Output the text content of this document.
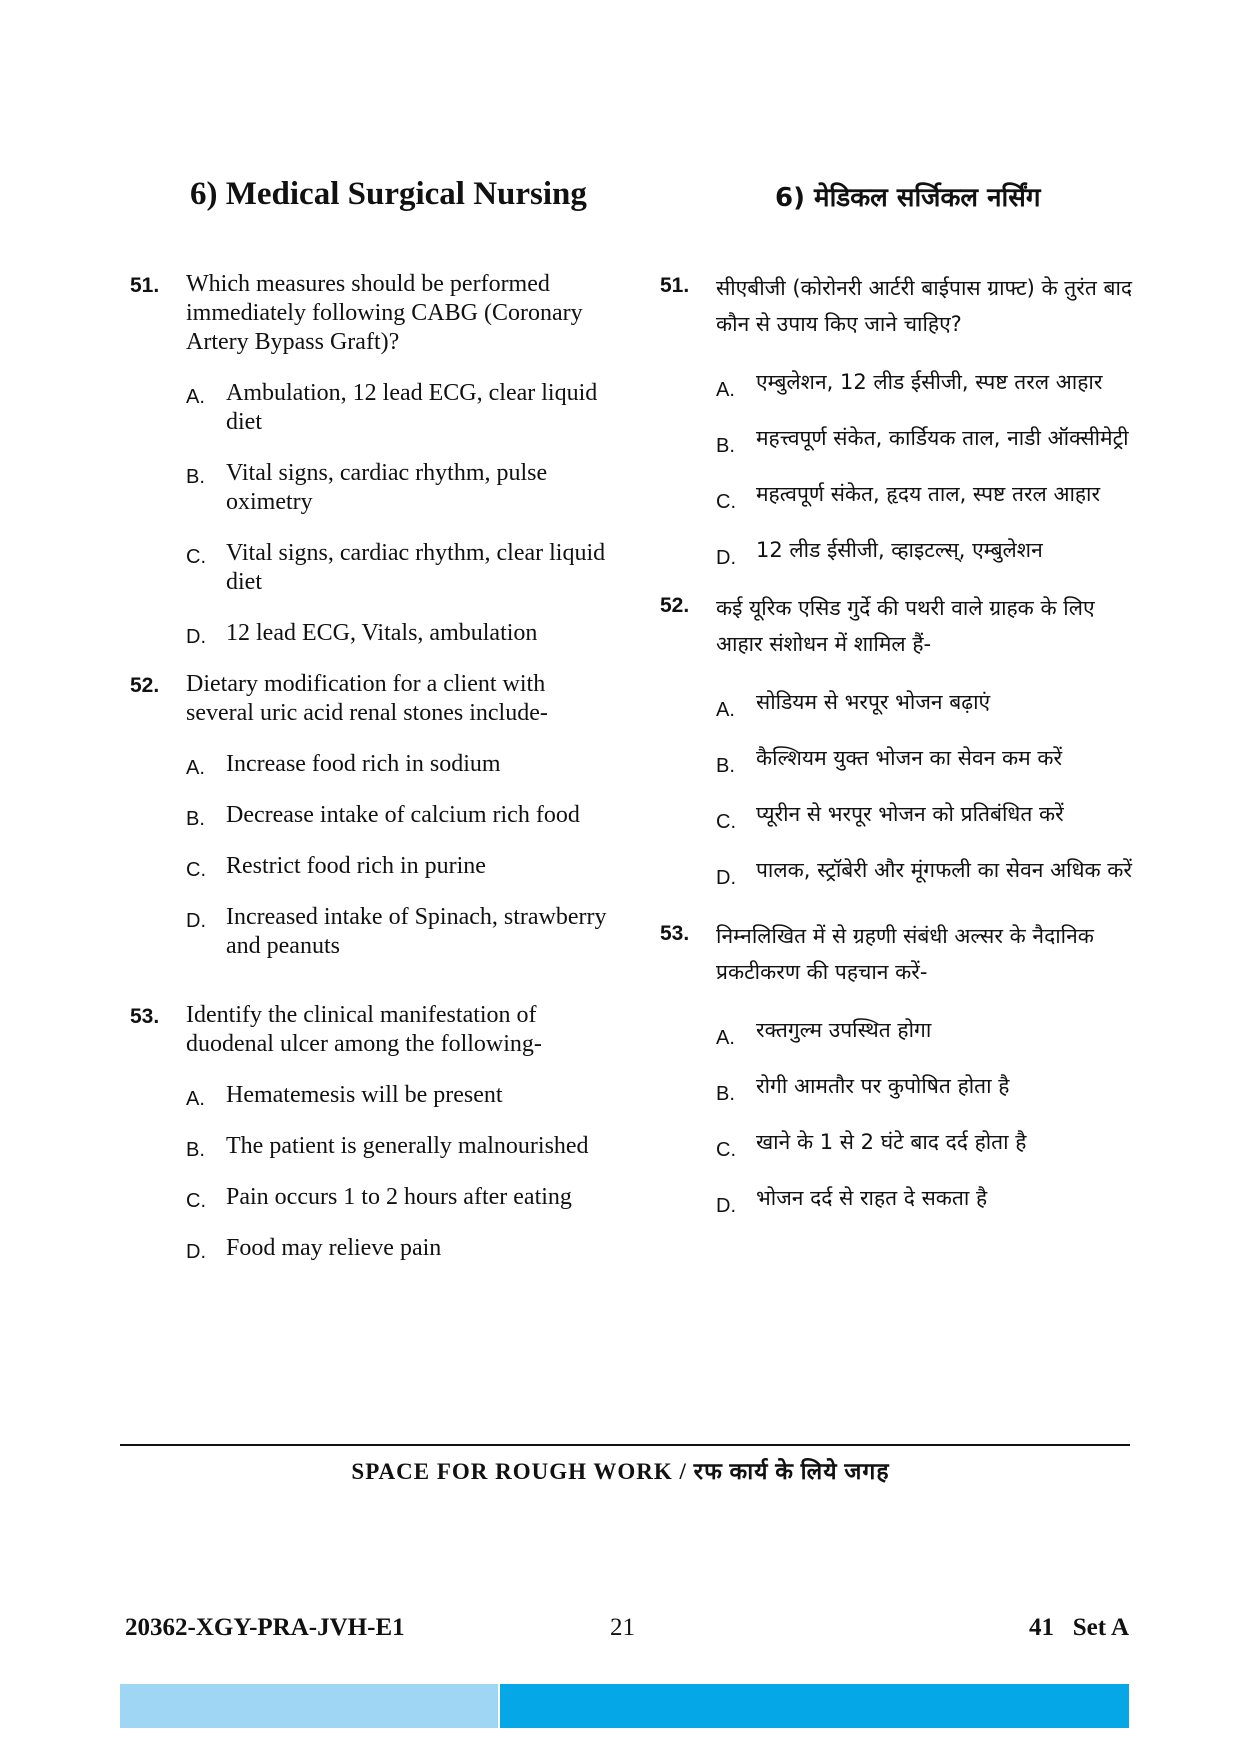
6) Medical Surgical Nursing	6) मेडिकल सर्जिकल नर्सिंग
51. Which measures should be performed immediately following CABG (Coronary Artery Bypass Graft)?
A. Ambulation, 12 lead ECG, clear liquid diet
B. Vital signs, cardiac rhythm, pulse oximetry
C. Vital signs, cardiac rhythm, clear liquid diet
D. 12 lead ECG, Vitals, ambulation
52. Dietary modification for a client with several uric acid renal stones include-
A. Increase food rich in sodium
B. Decrease intake of calcium rich food
C. Restrict food rich in purine
D. Increased intake of Spinach, strawberry and peanuts
53. Identify the clinical manifestation of duodenal ulcer among the following-
A. Hematemesis will be present
B. The patient is generally malnourished
C. Pain occurs 1 to 2 hours after eating
D. Food may relieve pain
51. सीएबीजी (कोरोनरी आर्टरी बाईपास ग्राफ्ट) के तुरंत बाद कौन से उपाय किए जाने चाहिए?
A. एम्बुलेशन, 12 लीड ईसीजी, स्पष्ट तरल आहार
B. महत्त्वपूर्ण संकेत, कार्डियक ताल, नाडी ऑक्सीमेट्री
C. महत्वपूर्ण संकेत, हृदय ताल, स्पष्ट तरल आहार
D. 12 लीड ईसीजी, व्हाइटल्स्, एम्बुलेशन
52. कई यूरिक एसिड गुर्दे की पथरी वाले ग्राहक के लिए आहार संशोधन में शामिल हैं-
A. सोडियम से भरपूर भोजन बढ़ाएं
B. कैल्शियम युक्त भोजन का सेवन कम करें
C. प्यूरीन से भरपूर भोजन को प्रतिबंधित करें
D. पालक, स्ट्रॉबेरी और मूंगफली का सेवन अधिक करें
53. निम्नलिखित में से ग्रहणी संबंधी अल्सर के नैदानिक प्रकटीकरण की पहचान करें-
A. रक्तगुल्म उपस्थित होगा
B. रोगी आमतौर पर कुपोषित होता है
C. खाने के 1 से 2 घंटे बाद दर्द होता है
D. भोजन दर्द से राहत दे सकता है
SPACE FOR ROUGH WORK / रफ कार्य के लिये जगह
20362-XGY-PRA-JVH-E1	21	41   Set A
